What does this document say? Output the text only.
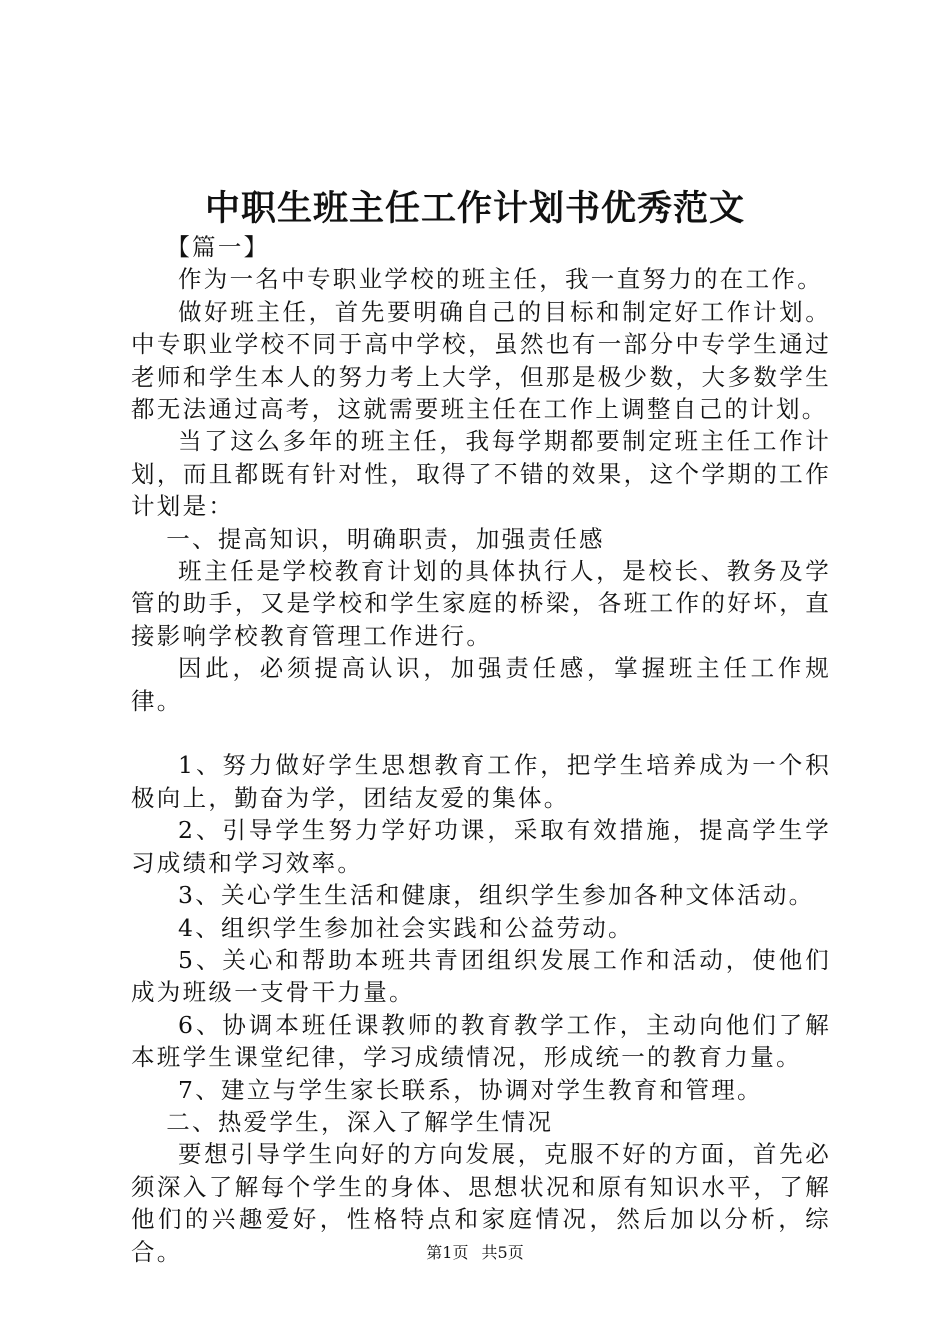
中职生班主任工作计划书优秀范文

【篇一】

作为一名中专职业学校的班主任，我一直努力的在工作。

做好班主任，首先要明确自己的目标和制定好工作计划。中专职业学校不同于高中学校，虽然也有一部分中专学生通过老师和学生本人的努力考上大学，但那是极少数，大多数学生都无法通过高考，这就需要班主任在工作上调整自己的计划。

当了这么多年的班主任，我每学期都要制定班主任工作计划，而且都既有针对性，取得了不错的效果，这个学期的工作计划是：

一、提高知识，明确职责，加强责任感

班主任是学校教育计划的具体执行人，是校长、教务及学管的助手，又是学校和学生家庭的桥梁，各班工作的好坏，直接影响学校教育管理工作进行。

因此，必须提高认识，加强责任感，掌握班主任工作规律。

1、努力做好学生思想教育工作，把学生培养成为一个积极向上，勤奋为学，团结友爱的集体。

2、引导学生努力学好功课，采取有效措施，提高学生学习成绩和学习效率。

3、关心学生生活和健康，组织学生参加各种文体活动。

4、组织学生参加社会实践和公益劳动。

5、关心和帮助本班共青团组织发展工作和活动，使他们成为班级一支骨干力量。

6、协调本班任课教师的教育教学工作，主动向他们了解本班学生课堂纪律，学习成绩情况，形成统一的教育力量。

7、建立与学生家长联系，协调对学生教育和管理。

二、热爱学生，深入了解学生情况

要想引导学生向好的方向发展，克服不好的方面，首先必须深入了解每个学生的身体、思想状况和原有知识水平，了解他们的兴趣爱好，性格特点和家庭情况，然后加以分析，综合。	第1页 共5页
